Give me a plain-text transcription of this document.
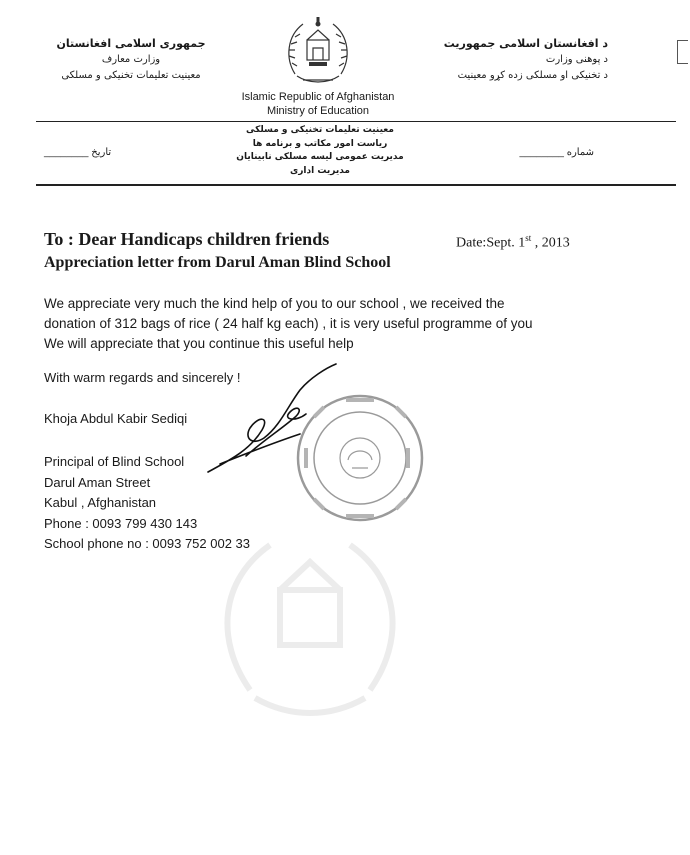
د افغانستان اسلامی جمهوریت
د پوهنی وزارت
د تخنیکی او مسلکی زده کړو معینیت
جمهوری اسلامی افغانستان
وزارت معارف
معینیت تعلیمات تخنیکی و مسلکی
Islamic Republic of Afghanistan
Ministry of Education
معینیت تعلیمات تخنیکی و مسلکی
ریاست امور مکاتب و برنامه ها
مدیریت عمومی لیسه مسلکی نابینایان
مدیریت اداری
تاریخ ________	شماره ________
To : Dear Handicaps children friends	Date:Sept. 1st , 2013
Appreciation letter from Darul Aman Blind School
We appreciate very much the kind help of you to our school , we received the
donation of 312 bags of rice ( 24 half kg each) , it is very useful programme of you
We will appreciate that you continue this useful help
With warm regards and sincerely !
Khoja Abdul Kabir Sediqi
Principal of Blind School
Darul Aman Street
Kabul , Afghanistan
Phone : 0093 799 430 143
School phone no : 0093 752 002 33
